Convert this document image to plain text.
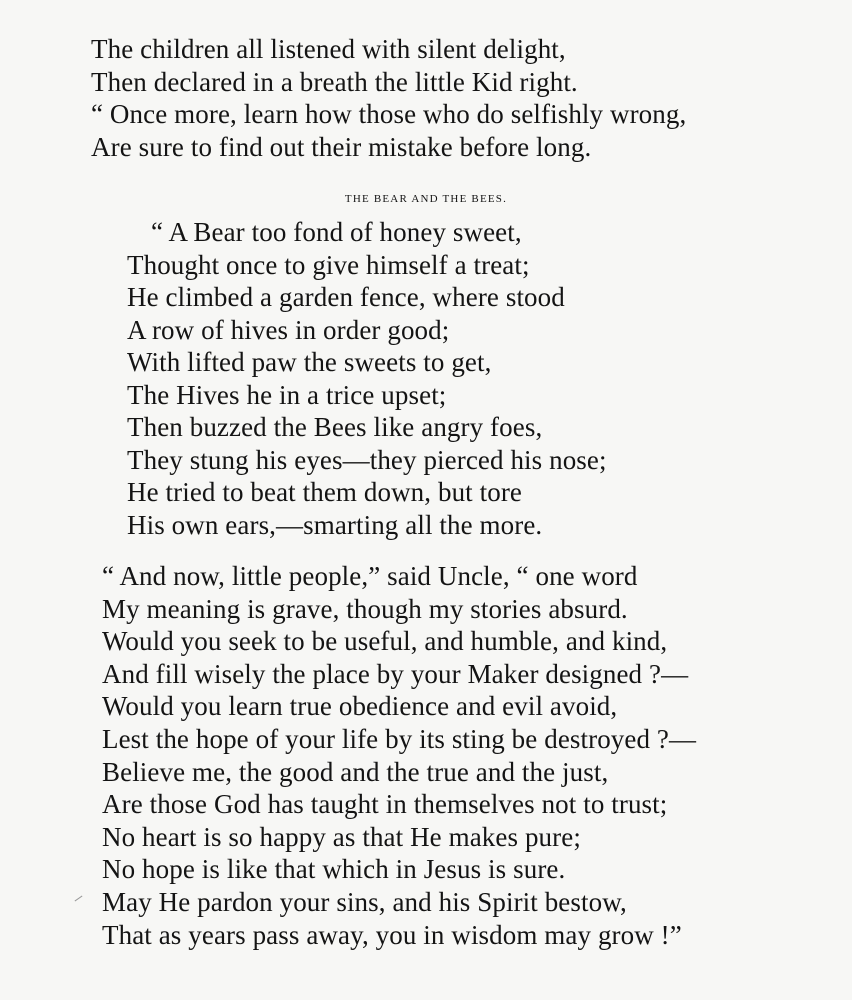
The children all listened with silent delight,
Then declared in a breath the little Kid right.
“ Once more, learn how those who do selfishly wrong,
Are sure to find out their mistake before long.
THE BEAR AND THE BEES.
“ A Bear too fond of honey sweet,
Thought once to give himself a treat;
He climbed a garden fence, where stood
A row of hives in order good;
With lifted paw the sweets to get,
The Hives he in a trice upset;
Then buzzed the Bees like angry foes,
They stung his eyes—they pierced his nose;
He tried to beat them down, but tore
His own ears,—smarting all the more.
“ And now, little people,” said Uncle, “ one word
My meaning is grave, though my stories absurd.
Would you seek to be useful, and humble, and kind,
And fill wisely the place by your Maker designed ?—
Would you learn true obedience and evil avoid,
Lest the hope of your life by its sting be destroyed ?—
Believe me, the good and the true and the just,
Are those God has taught in themselves not to trust;
No heart is so happy as that He makes pure;
No hope is like that which in Jesus is sure.
May He pardon your sins, and his Spirit bestow,
That as years pass away, you in wisdom may grow !”
